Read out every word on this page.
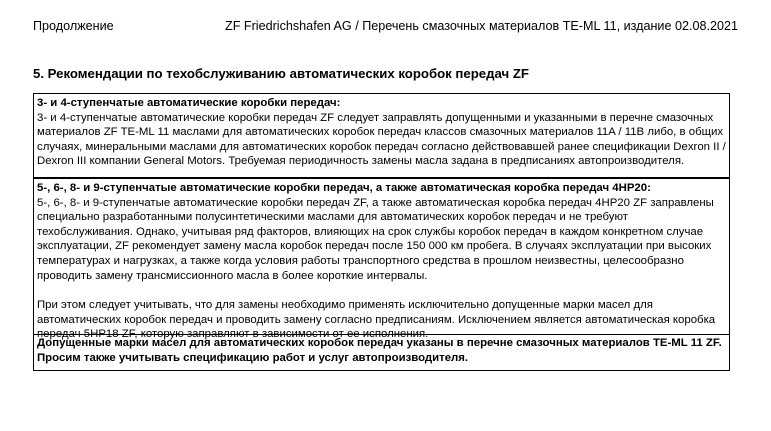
Продолжение	ZF Friedrichshafen AG / Перечень смазочных материалов TE-ML 11, издание 02.08.2021
5. Рекомендации по техобслуживанию автоматических коробок передач ZF

3- и 4-ступенчатые автоматические коробки передач:

3- и 4-ступенчатые автоматические коробки передач ZF следует заправлять допущенными и указанными в перечне смазочных материалов ZF TE-ML 11 маслами для автоматических коробок передач классов смазочных материалов 11A / 11B либо, в общих случаях, минеральными маслами для автоматических коробок передач согласно действовавшей ранее спецификации Dexron II / Dexron III компании General Motors. Требуемая периодичность замены масла задана в предписаниях автопроизводителя.

5-, 6-, 8- и 9-ступенчатые автоматические коробки передач, а также автоматическая коробка передач 4HP20:

5-, 6-, 8- и 9-ступенчатые автоматические коробки передач ZF, а также автоматическая коробка передач 4HP20 ZF заправлены специально разработанными полусинтетическими маслами для автоматических коробок передач и не требуют техобслуживания. Однако, учитывая ряд факторов, влияющих на срок службы коробок передач в каждом конкретном случае эксплуатации, ZF рекомендует замену масла коробок передач после 150 000 км пробега. В случаях эксплуатации при высоких температурах и нагрузках, а также когда условия работы транспортного средства в прошлом неизвестны, целесообразно проводить замену трансмиссионного масла в более короткие интервалы.

При этом следует учитывать, что для замены необходимо применять исключительно допущенные марки масел для автоматических коробок передач и проводить замену согласно предписаниям. Исключением является автоматическая коробка передач 5HP18 ZF, которую заправляют в зависимости от ее исполнения.

Допущенные марки масел для автоматических коробок передач указаны в перечне смазочных материалов TE-ML 11 ZF. Просим также учитывать спецификацию работ и услуг автопроизводителя.
